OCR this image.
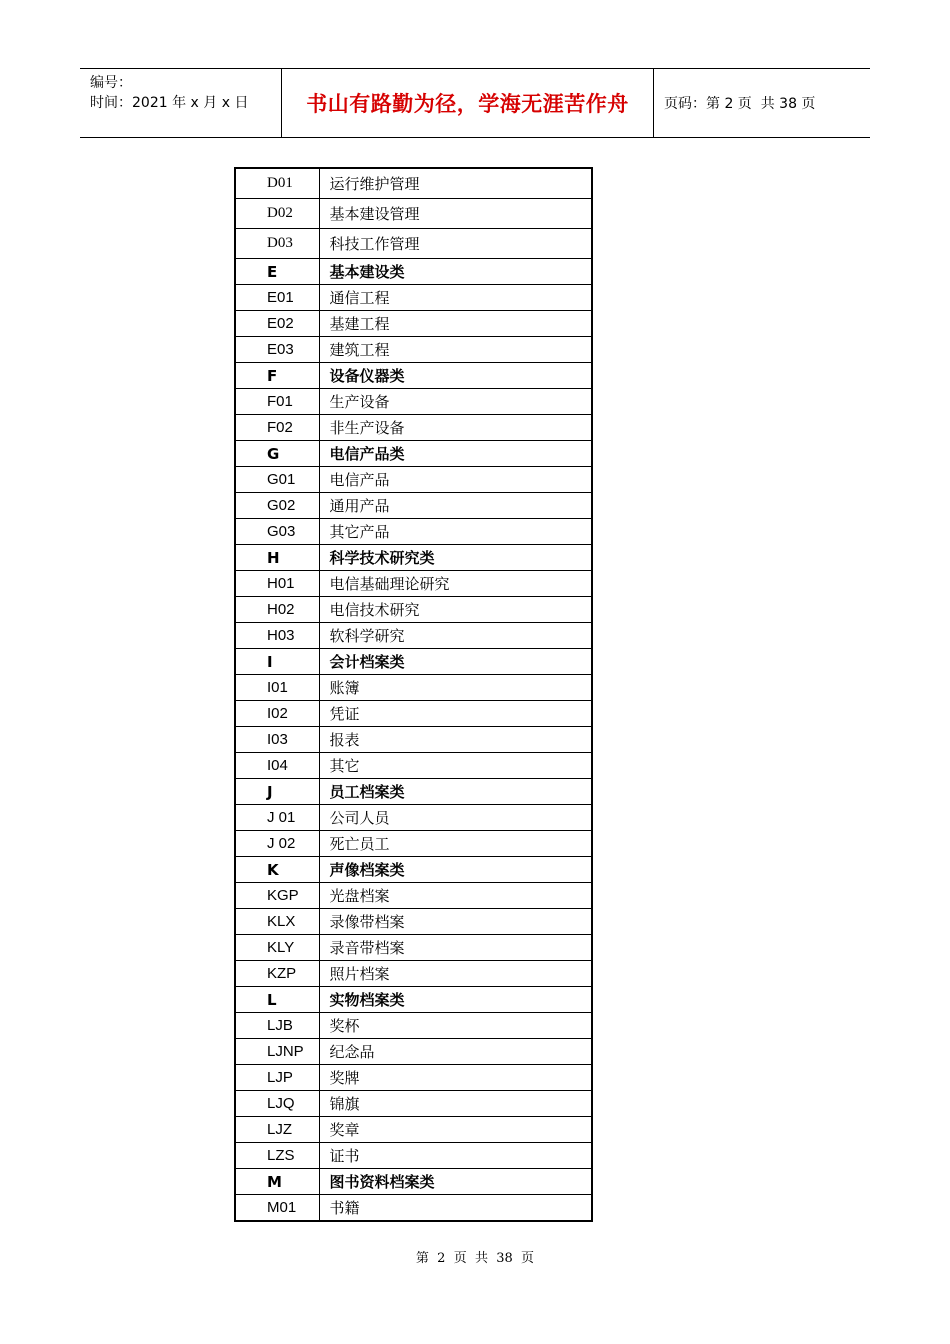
编号：
时间：2021 年 x 月 x 日	书山有路勤为径，学海无涯苦作舟	页码：第 2 页  共 38 页
D01	运行维护管理
D02	基本建设管理
D03	科技工作管理
E	基本建设类
E01	通信工程
E02	基建工程
E03	建筑工程
F	设备仪器类
F01	生产设备
F02	非生产设备
G	电信产品类
G01	电信产品
G02	通用产品
G03	其它产品
H	科学技术研究类
H01	电信基础理论研究
H02	电信技术研究
H03	软科学研究
I	会计档案类
I01	账簿
I02	凭证
I03	报表
I04	其它
J	员工档案类
J 01	公司人员
J 02	死亡员工
K	声像档案类
KGP	光盘档案
KLX	录像带档案
KLY	录音带档案
KZP	照片档案
L	实物档案类
LJB	奖杯
LJNP	纪念品
LJP	奖牌
LJQ	锦旗
LJZ	奖章
LZS	证书
M	图书资料档案类
M01	书籍
第  2  页  共  38  页
